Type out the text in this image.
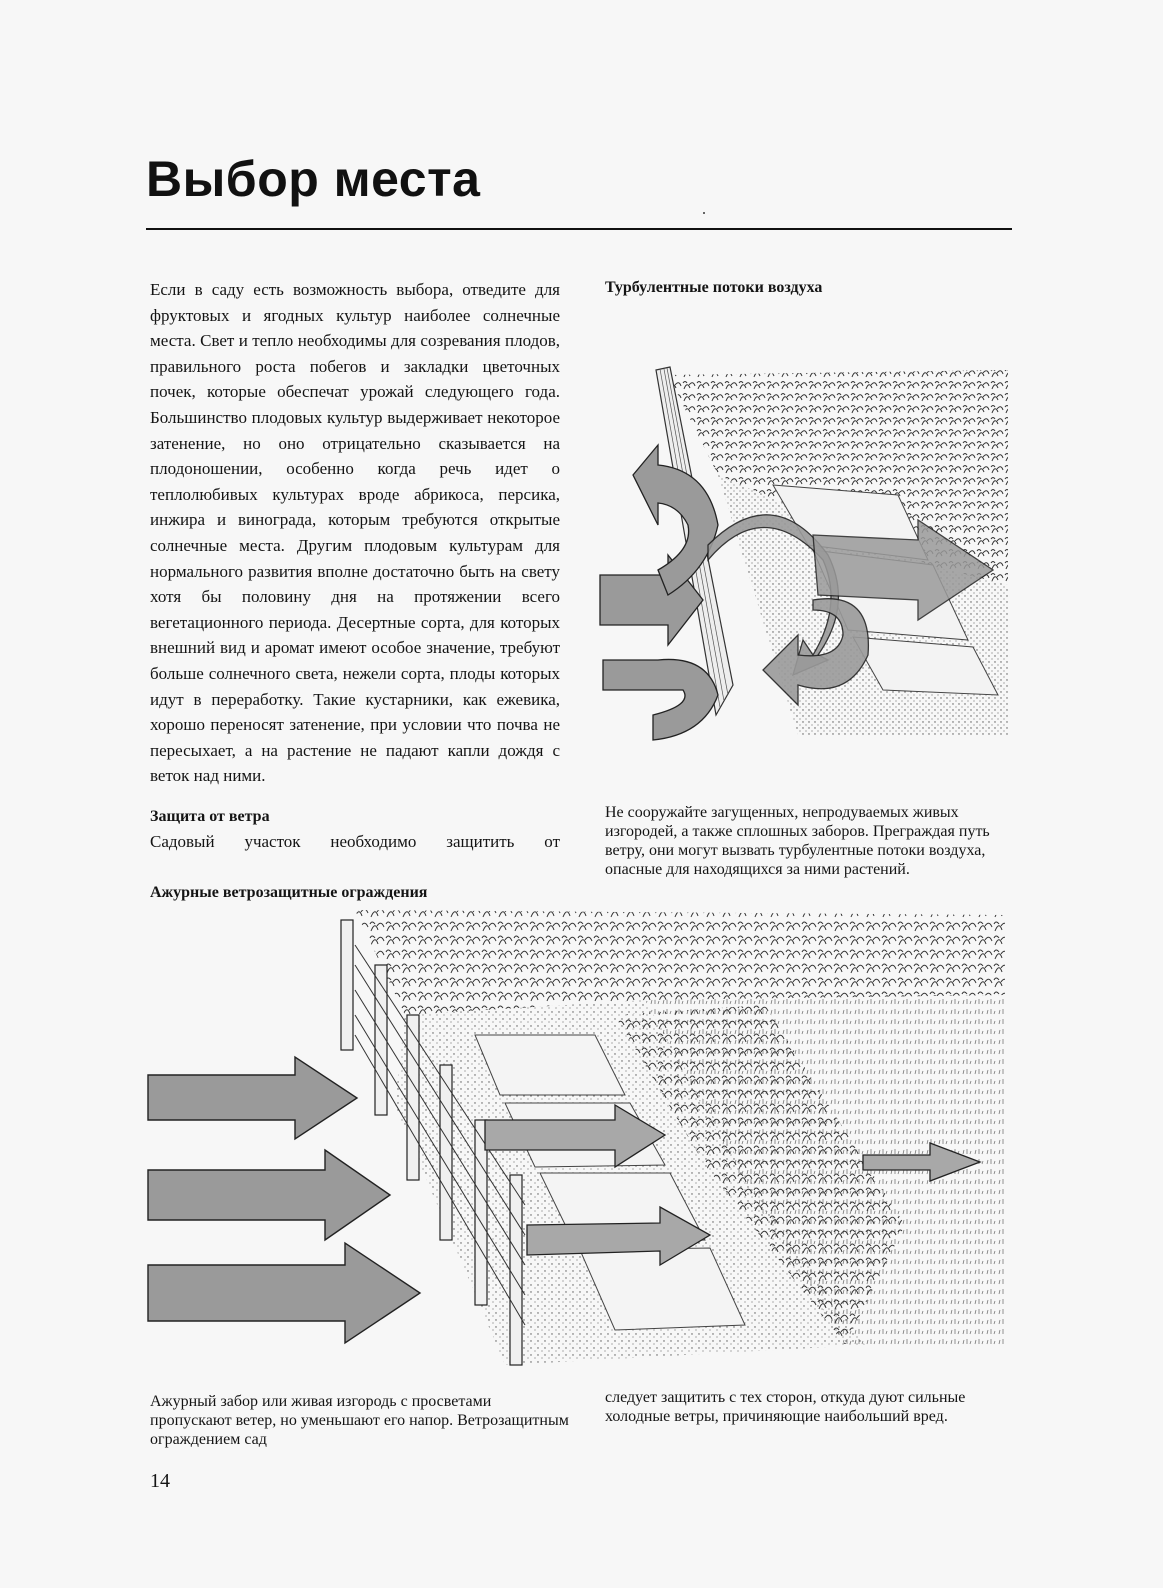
Выбор места

Если в саду есть возможность выбора, отведите для фруктовых и ягодных культур наиболее солнечные места. Свет и тепло необходимы для созревания плодов, правильного роста побегов и закладки цветочных почек, которые обеспечат урожай следующего года. Большинство плодовых культур выдерживает некоторое затенение, но оно отрицательно сказывается на плодоношении, особенно когда речь идет о теплолюбивых культурах вроде абрикоса, персика, инжира и винограда, которым требуются открытые солнечные места. Другим плодовым культурам для нормального развития вполне достаточно быть на свету хотя бы половину дня на протяжении всего вегетационного периода. Десертные сорта, для которых внешний вид и аромат имеют особое значение, требуют больше солнечного света, нежели сорта, плоды которых идут в переработку. Такие кустарники, как ежевика, хорошо переносят затенение, при условии что почва не пересыхает, а на растение не падают капли дождя с веток над ними.

Защита от ветра

Садовый участок необходимо защитить от

Турбулентные потоки воздуха

Не сооружайте загущенных, непродуваемых живых изгородей, а также сплошных заборов. Преграждая путь ветру, они могут вызвать турбулентные потоки воздуха, опасные для находящихся за ними растений.

Ажурные ветрозащитные ограждения

Ажурный забор или живая изгородь с просветами пропускают ветер, но уменьшают его напор. Ветрозащитным ограждением сад
следует защитить с тех сторон, откуда дуют сильные холодные ветры, причиняющие наибольший вред.

14
